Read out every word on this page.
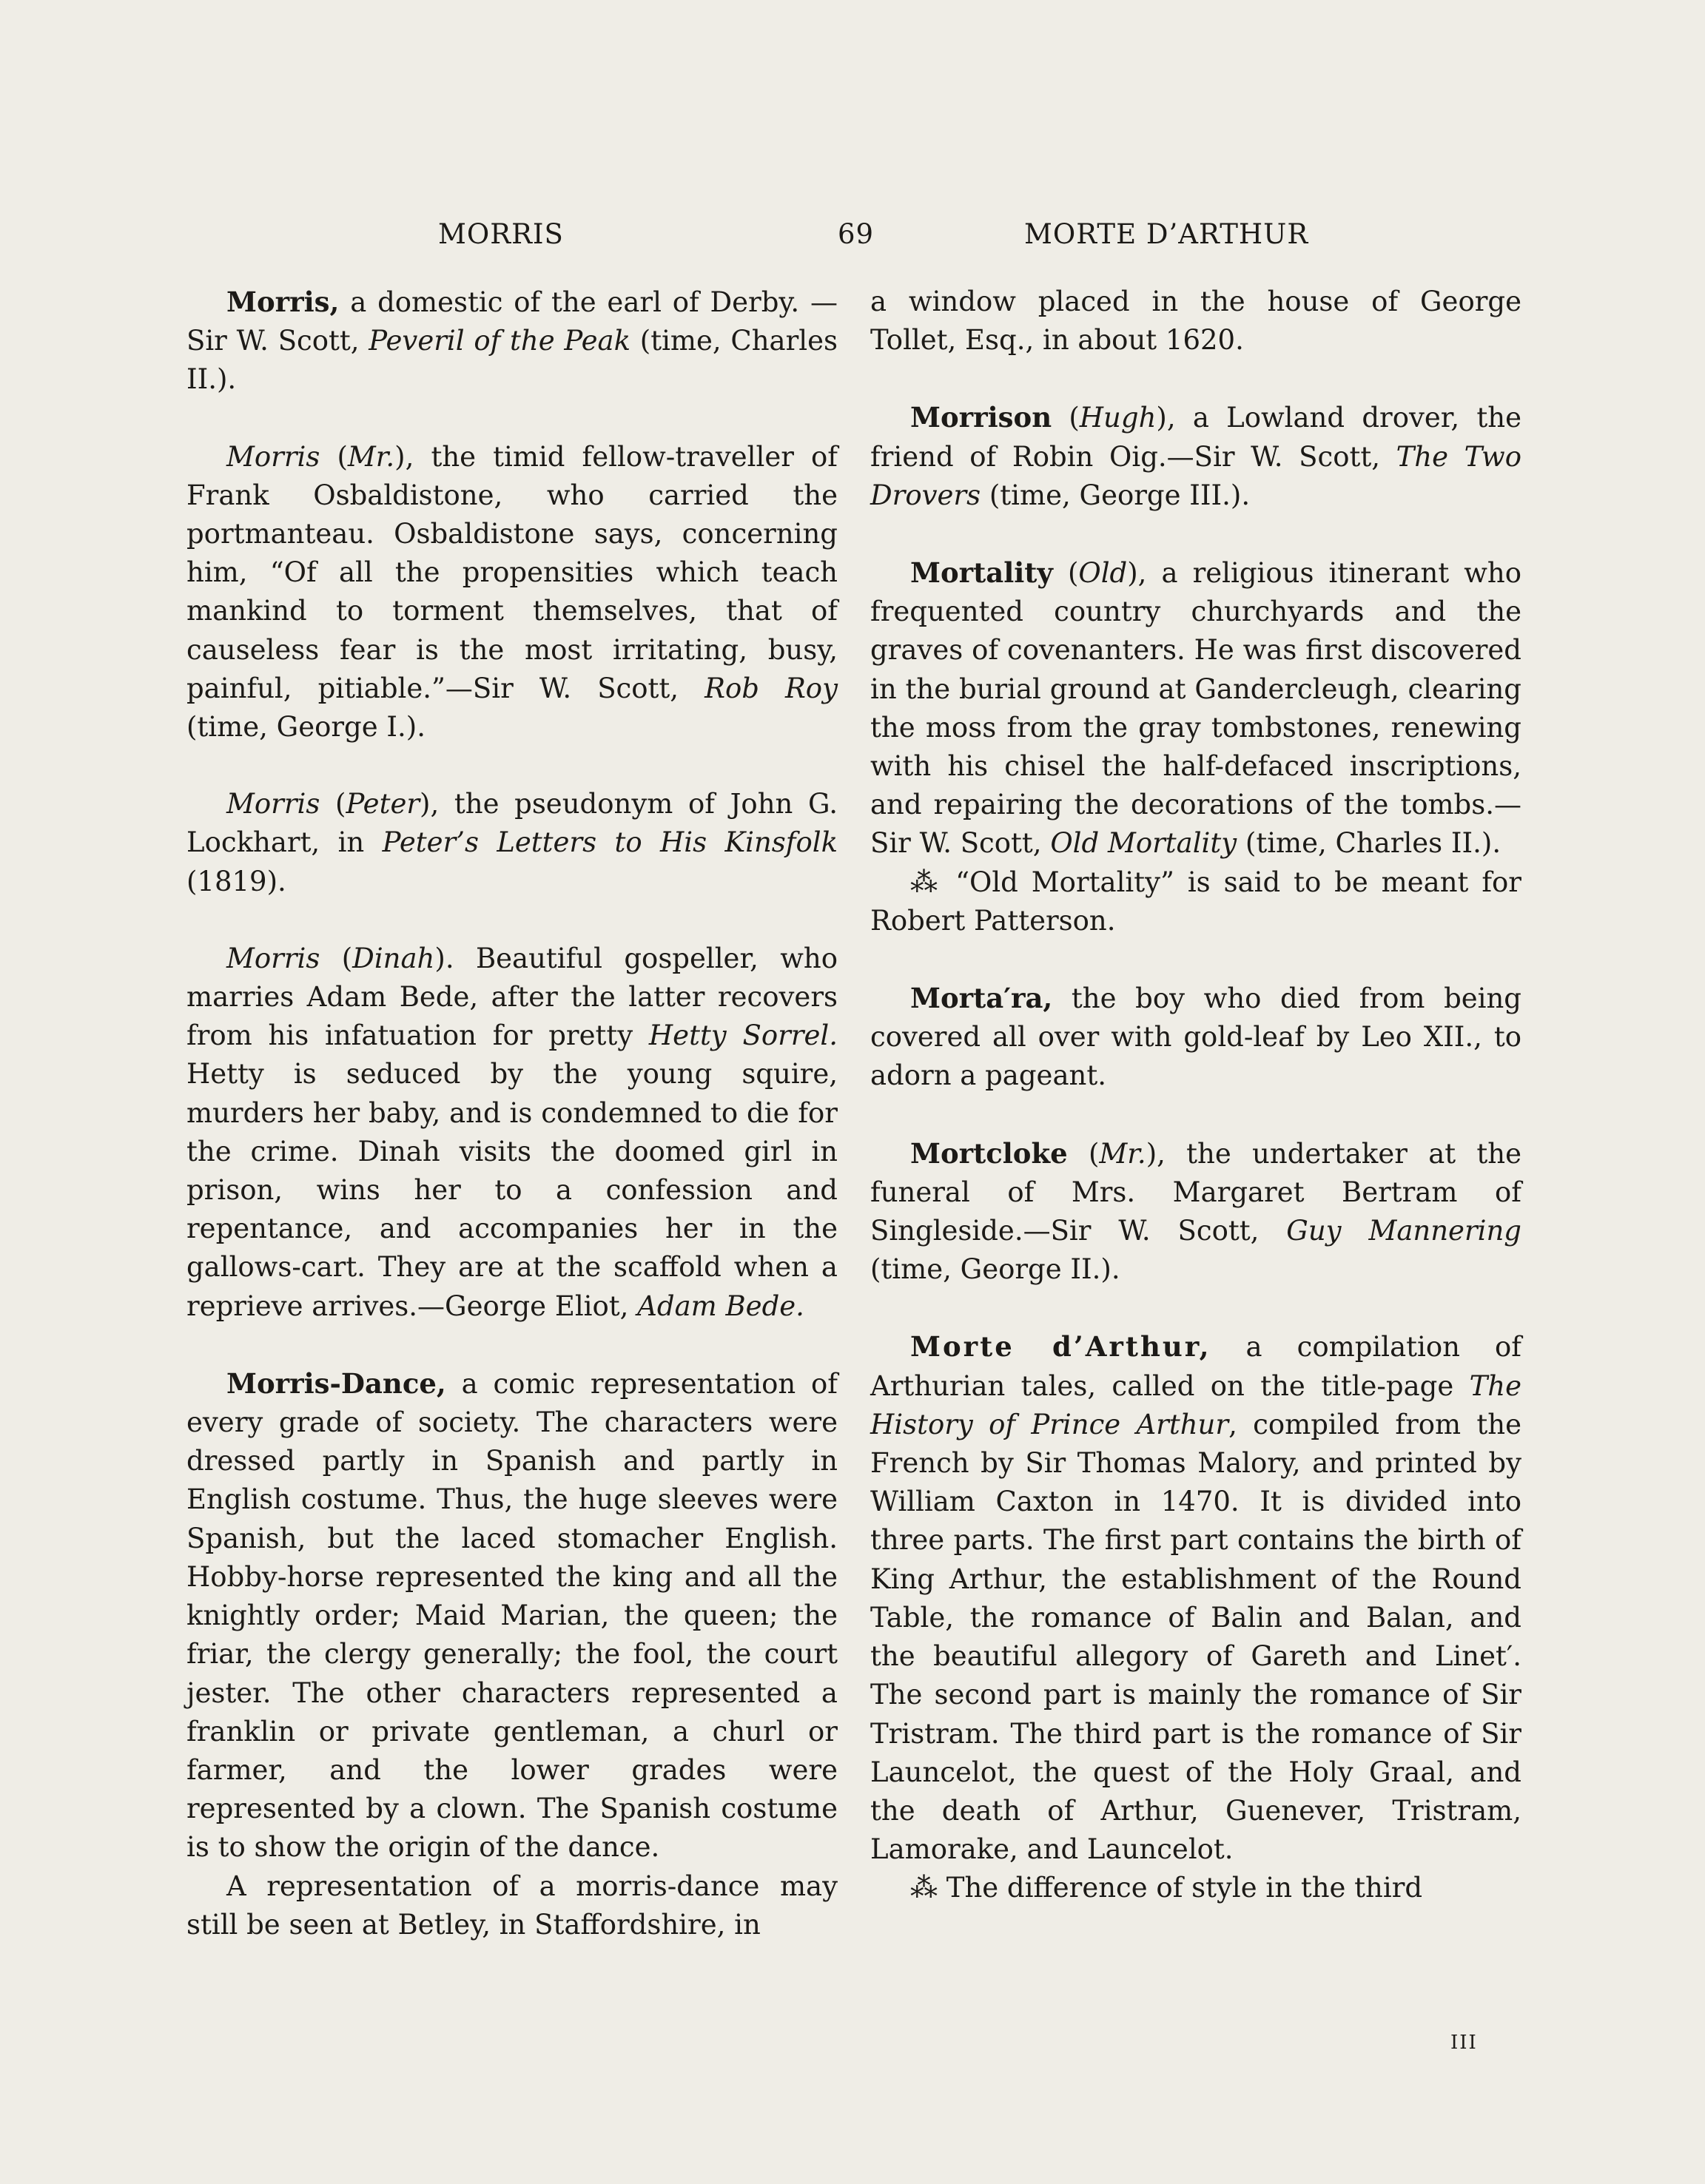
MORRIS	69	MORTE D’ARTHUR

Morris, a domestic of the earl of Derby. —Sir W. Scott, Peveril of the Peak (time, Charles II.).

Morris (Mr.), the timid fellow-traveller of Frank Osbaldistone, who carried the portmanteau. Osbaldistone says, concerning him, “Of all the propensities which teach mankind to torment themselves, that of causeless fear is the most irritating, busy, painful, pitiable.”—Sir W. Scott, Rob Roy (time, George I.).

Morris (Peter), the pseudonym of John G. Lockhart, in Peter’s Letters to His Kinsfolk (1819).

Morris (Dinah). Beautiful gospeller, who marries Adam Bede, after the latter recovers from his infatuation for pretty Hetty Sorrel. Hetty is seduced by the young squire, murders her baby, and is condemned to die for the crime. Dinah visits the doomed girl in prison, wins her to a confession and repentance, and accompanies her in the gallows-cart. They are at the scaffold when a reprieve arrives.—George Eliot, Adam Bede.

Morris-Dance, a comic representation of every grade of society. The characters were dressed partly in Spanish and partly in English costume. Thus, the huge sleeves were Spanish, but the laced stomacher English. Hobby-horse represented the king and all the knightly order; Maid Marian, the queen; the friar, the clergy generally; the fool, the court jester. The other characters represented a franklin or private gentleman, a churl or farmer, and the lower grades were represented by a clown. The Spanish costume is to show the origin of the dance.

A representation of a morris-dance may still be seen at Betley, in Staffordshire, in

a window placed in the house of George Tollet, Esq., in about 1620.

Morrison (Hugh), a Lowland drover, the friend of Robin Oig.—Sir W. Scott, The Two Drovers (time, George III.).

Mortality (Old), a religious itinerant who frequented country churchyards and the graves of covenanters. He was first discovered in the burial ground at Gandercleugh, clearing the moss from the gray tombstones, renewing with his chisel the half-defaced inscriptions, and repairing the decorations of the tombs.—Sir W. Scott, Old Mortality (time, Charles II.).

⁂ “Old Mortality” is said to be meant for Robert Patterson.

Morta′ra, the boy who died from being covered all over with gold-leaf by Leo XII., to adorn a pageant.

Mortcloke (Mr.), the undertaker at the funeral of Mrs. Margaret Bertram of Singleside.—Sir W. Scott, Guy Mannering (time, George II.).

Morte d’Arthur, a compilation of Arthurian tales, called on the title-page The History of Prince Arthur, compiled from the French by Sir Thomas Malory, and printed by William Caxton in 1470. It is divided into three parts. The first part contains the birth of King Arthur, the establishment of the Round Table, the romance of Balin and Balan, and the beautiful allegory of Gareth and Linet′. The second part is mainly the romance of Sir Tristram. The third part is the romance of Sir Launcelot, the quest of the Holy Graal, and the death of Arthur, Guenever, Tristram, Lamorake, and Launcelot.

⁂ The difference of style in the third

III
